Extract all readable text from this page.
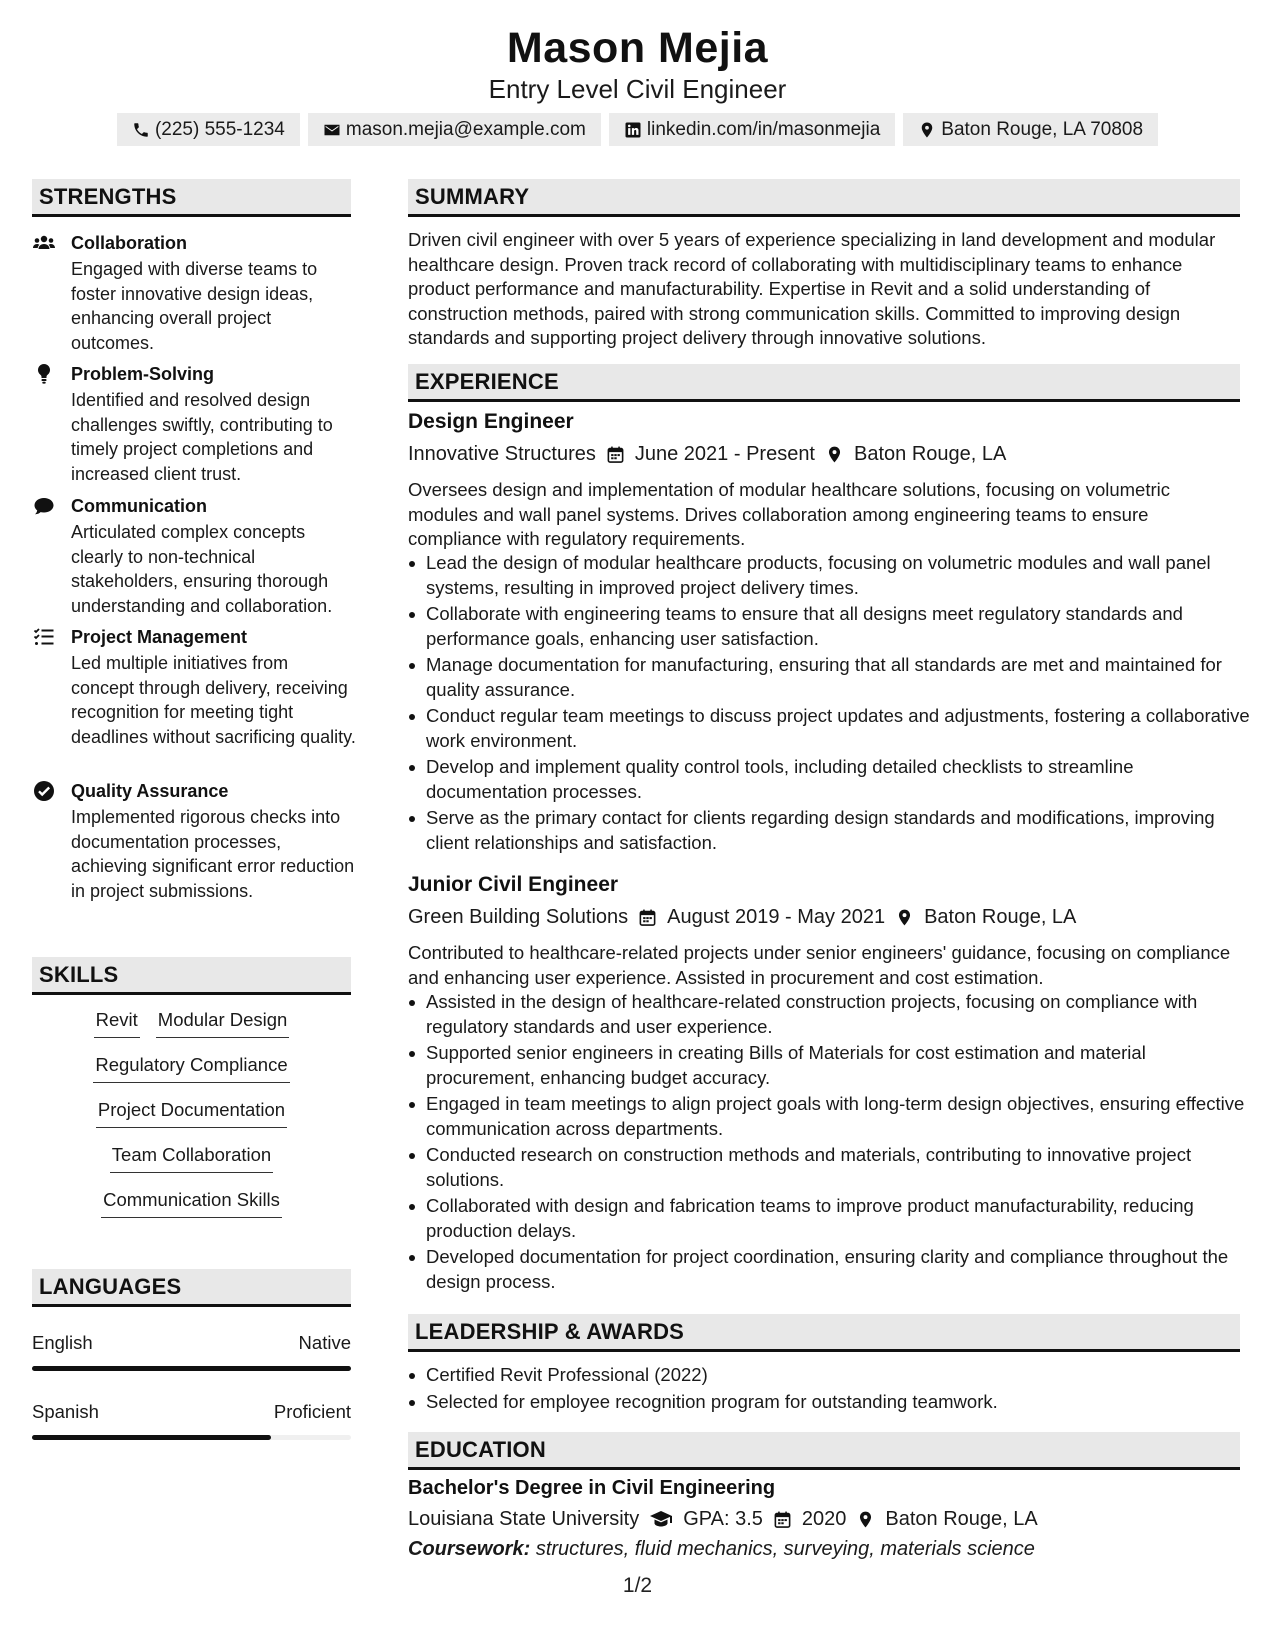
Mason Mejia
Entry Level Civil Engineer
(225) 555-1234	mason.mejia@example.com	linkedin.com/in/masonmejia	Baton Rouge, LA 70808
STRENGTHS
Collaboration
Engaged with diverse teams to foster innovative design ideas, enhancing overall project outcomes.
Problem-Solving
Identified and resolved design challenges swiftly, contributing to timely project completions and increased client trust.
Communication
Articulated complex concepts clearly to non-technical stakeholders, ensuring thorough understanding and collaboration.
Project Management
Led multiple initiatives from concept through delivery, receiving recognition for meeting tight deadlines without sacrificing quality.
Quality Assurance
Implemented rigorous checks into documentation processes, achieving significant error reduction in project submissions.
SKILLS
Revit Modular Design
Regulatory Compliance
Project Documentation
Team Collaboration
Communication Skills
LANGUAGES
English	Native
Spanish	Proficient
SUMMARY
Driven civil engineer with over 5 years of experience specializing in land development and modular healthcare design. Proven track record of collaborating with multidisciplinary teams to enhance product performance and manufacturability. Expertise in Revit and a solid understanding of construction methods, paired with strong communication skills. Committed to improving design standards and supporting project delivery through innovative solutions.
EXPERIENCE
Design Engineer
Innovative Structures June 2021 - Present Baton Rouge, LA
Oversees design and implementation of modular healthcare solutions, focusing on volumetric modules and wall panel systems. Drives collaboration among engineering teams to ensure compliance with regulatory requirements.
Lead the design of modular healthcare products, focusing on volumetric modules and wall panel systems, resulting in improved project delivery times.
Collaborate with engineering teams to ensure that all designs meet regulatory standards and performance goals, enhancing user satisfaction.
Manage documentation for manufacturing, ensuring that all standards are met and maintained for quality assurance.
Conduct regular team meetings to discuss project updates and adjustments, fostering a collaborative work environment.
Develop and implement quality control tools, including detailed checklists to streamline documentation processes.
Serve as the primary contact for clients regarding design standards and modifications, improving client relationships and satisfaction.
Junior Civil Engineer
Green Building Solutions August 2019 - May 2021 Baton Rouge, LA
Contributed to healthcare-related projects under senior engineers' guidance, focusing on compliance and enhancing user experience. Assisted in procurement and cost estimation.
Assisted in the design of healthcare-related construction projects, focusing on compliance with regulatory standards and user experience.
Supported senior engineers in creating Bills of Materials for cost estimation and material procurement, enhancing budget accuracy.
Engaged in team meetings to align project goals with long-term design objectives, ensuring effective communication across departments.
Conducted research on construction methods and materials, contributing to innovative project solutions.
Collaborated with design and fabrication teams to improve product manufacturability, reducing production delays.
Developed documentation for project coordination, ensuring clarity and compliance throughout the design process.
LEADERSHIP & AWARDS
Certified Revit Professional (2022)
Selected for employee recognition program for outstanding teamwork.
EDUCATION
Bachelor's Degree in Civil Engineering
Louisiana State University GPA: 3.5 2020 Baton Rouge, LA
Coursework: structures, fluid mechanics, surveying, materials science
1/2
